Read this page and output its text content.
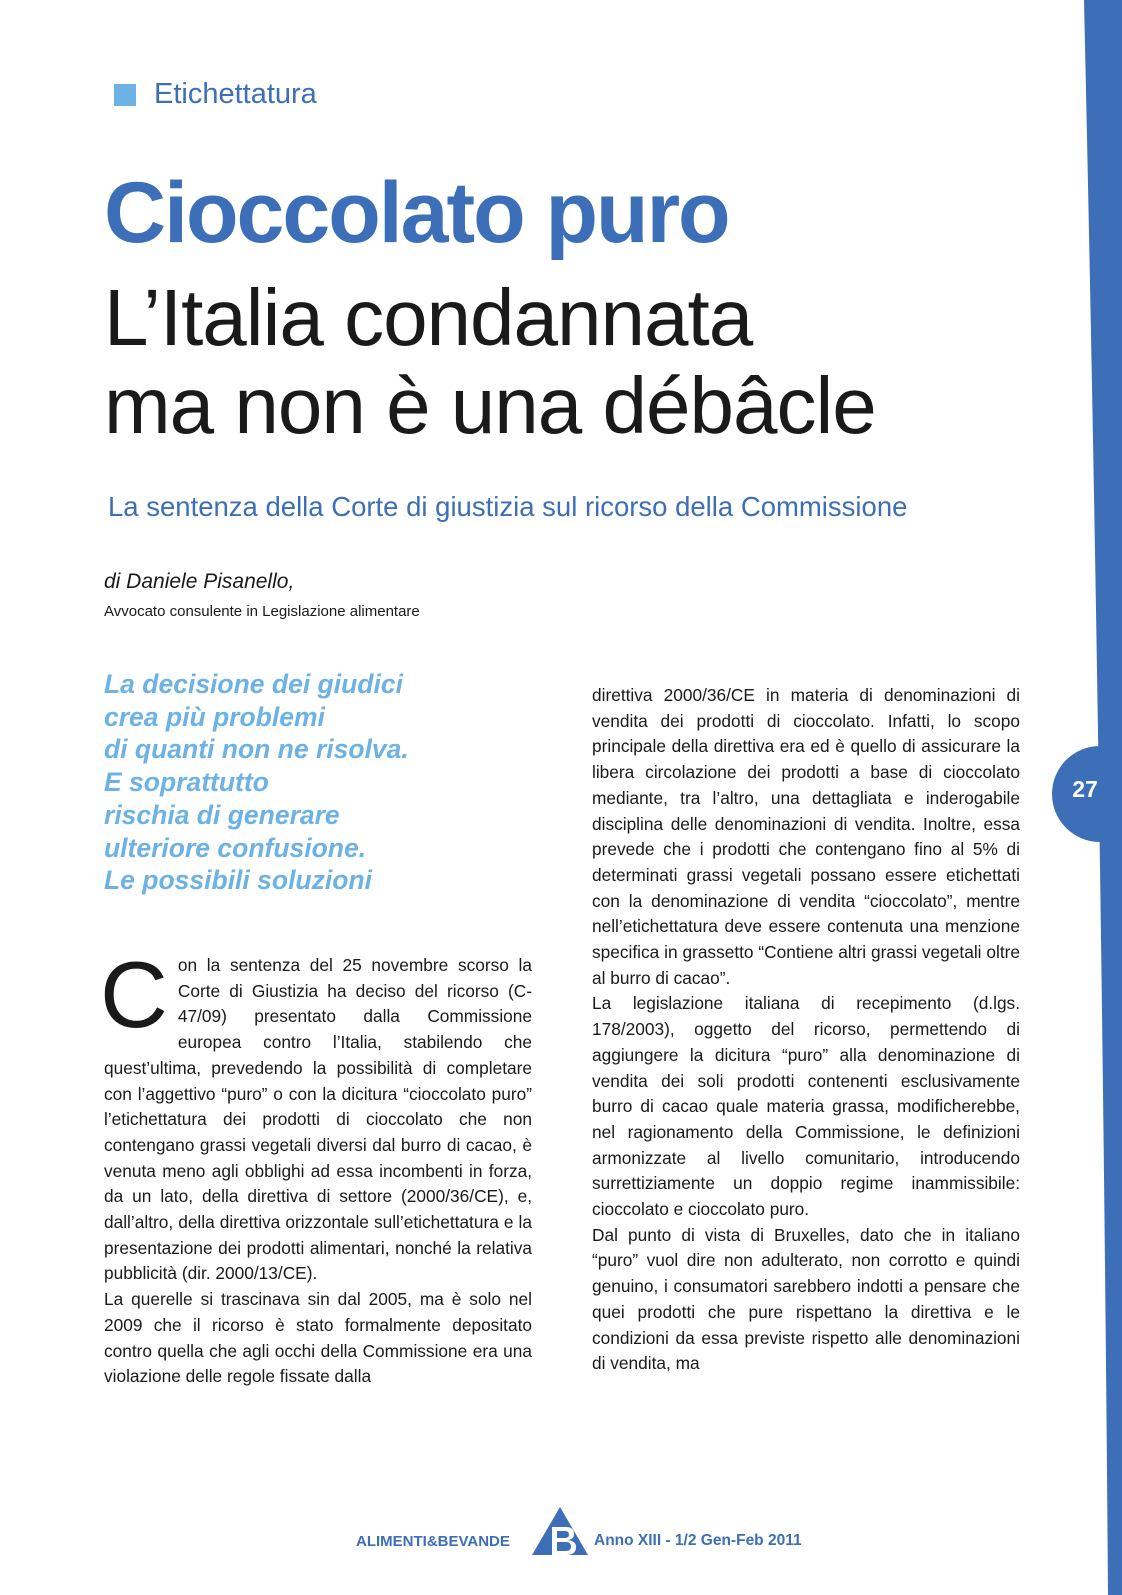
27
Etichettatura
Cioccolato puro
L’Italia condannata
ma non è una débâcle
La sentenza della Corte di giustizia sul ricorso della Commissione
di Daniele Pisanello,
Avvocato consulente in Legislazione alimentare
La decisione dei giudici
crea più problemi
di quanti non ne risolva.
E soprattutto
rischia di generare
ulteriore confusione.
Le possibili soluzioni
C on la sentenza del 25 novembre scorso la Corte di Giustizia ha deciso del ricorso (C-47/09) presentato dalla Commissione europea contro l’Italia, stabilendo che quest’ultima, prevedendo la possibilità di completare con l’aggettivo “puro” o con la dicitura “cioccolato puro” l’etichettatura dei prodotti di cioccolato che non contengano grassi vegetali diversi dal burro di cacao, è venuta meno agli obblighi ad essa incombenti in forza, da un lato, della direttiva di settore (2000/36/CE), e, dall’altro, della direttiva orizzontale sull’etichettatura e la presentazione dei prodotti alimentari, nonché la relativa pubblicità (dir. 2000/13/CE).

La querelle si trascinava sin dal 2005, ma è solo nel 2009 che il ricorso è stato formalmente depositato contro quella che agli occhi della Commissione era una violazione delle regole fissate dalla

direttiva 2000/36/CE in materia di denominazioni di vendita dei prodotti di cioccolato. Infatti, lo scopo principale della direttiva era ed è quello di assicurare la libera circolazione dei prodotti a base di cioccolato mediante, tra l’altro, una dettagliata e inderogabile disciplina delle denominazioni di vendita. Inoltre, essa prevede che i prodotti che contengano fino al 5% di determinati grassi vegetali possano essere etichettati con la denominazione di vendita “cioccolato”, mentre nell’etichettatura deve essere contenuta una menzione specifica in grassetto “Contiene altri grassi vegetali oltre al burro di cacao”.

La legislazione italiana di recepimento (d.lgs. 178/2003), oggetto del ricorso, permettendo di aggiungere la dicitura “puro” alla denominazione di vendita dei soli prodotti contenenti esclusivamente burro di cacao quale materia grassa, modificherebbe, nel ragionamento della Commissione, le definizioni armonizzate al livello comunitario, introducendo surrettiziamente un doppio regime inammissibile: cioccolato e cioccolato puro.

Dal punto di vista di Bruxelles, dato che in italiano “puro” vuol dire non adulterato, non corrotto e quindi genuino, i consumatori sarebbero indotti a pensare che quei prodotti che pure rispettano la direttiva e le condizioni da essa previste rispetto alle denominazioni di vendita, ma

ALIMENTI&BEVANDE	Anno XIII - 1/2 Gen-Feb 2011
